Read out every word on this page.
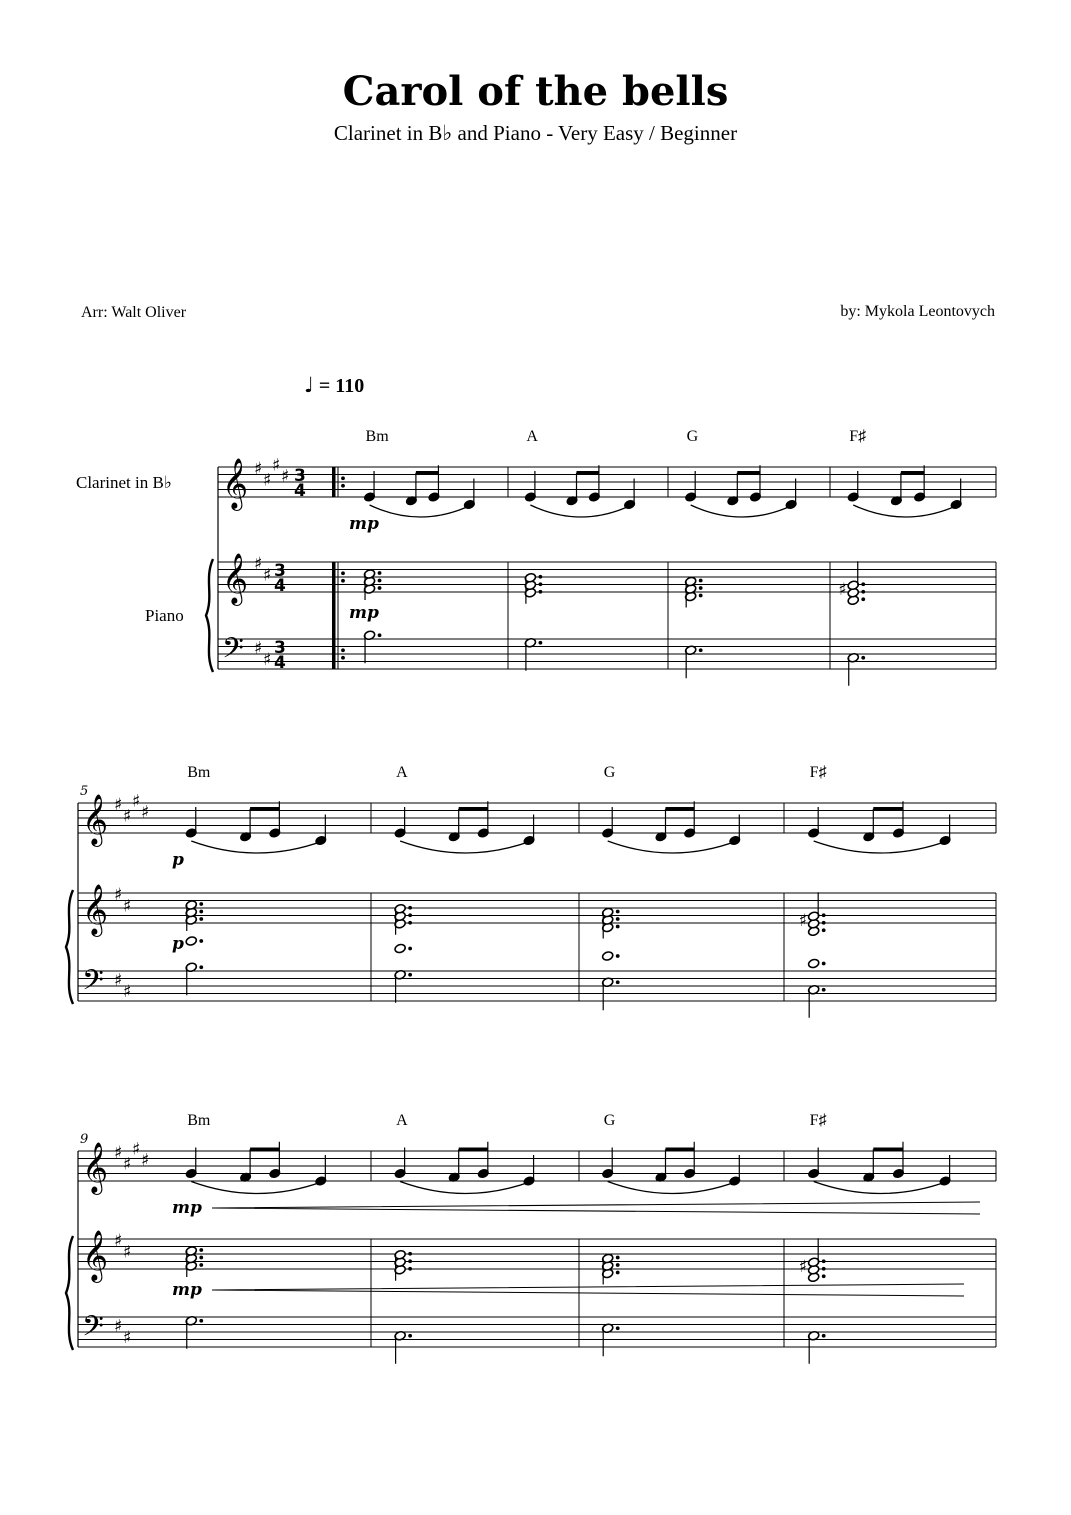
𝄞
𝄞
𝄢
♯
♯
♯
♯
♯
♯
♯
♯
3
4
3
4
3
4
Bm	A	G	F♯
♯
mp
mp
𝄞
𝄞
𝄢
♯
♯
♯
♯
♯
♯
♯
♯
5
Bm	A	G	F♯
♯
p
p
𝄞
𝄞
𝄢
♯
♯
♯
♯
♯
♯
♯
♯
9
Bm	A	G	F♯
♯
mp
mp
Carol of the bells
Clarinet in B♭ and Piano - Very Easy / Beginner
Arr: Walt Oliver	by: Mykola Leontovych
♩ = 110
Clarinet in B♭
Piano
